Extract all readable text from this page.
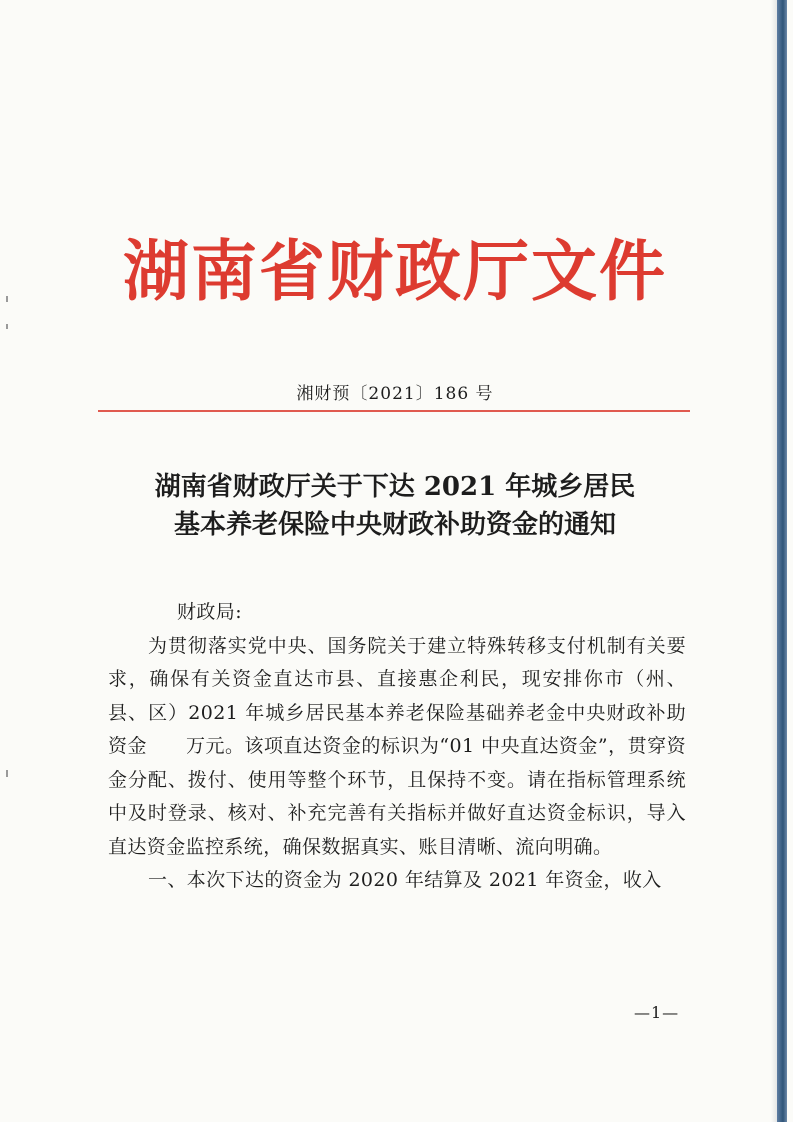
湖南省财政厅文件
湘财预〔2021〕186 号
湖南省财政厅关于下达 2021 年城乡居民
基本养老保险中央财政补助资金的通知
财政局:
为贯彻落实党中央、国务院关于建立特殊转移支付机制有关要求，确保有关资金直达市县、直接惠企利民，现安排你市（州、县、区）2021 年城乡居民基本养老保险基础养老金中央财政补助资金　　万元。该项直达资金的标识为“01 中央直达资金”，贯穿资金分配、拨付、使用等整个环节，且保持不变。请在指标管理系统中及时登录、核对、补充完善有关指标并做好直达资金标识，导入直达资金监控系统，确保数据真实、账目清晰、流向明确。
一、本次下达的资金为 2020 年结算及 2021 年资金，收入
—1—
